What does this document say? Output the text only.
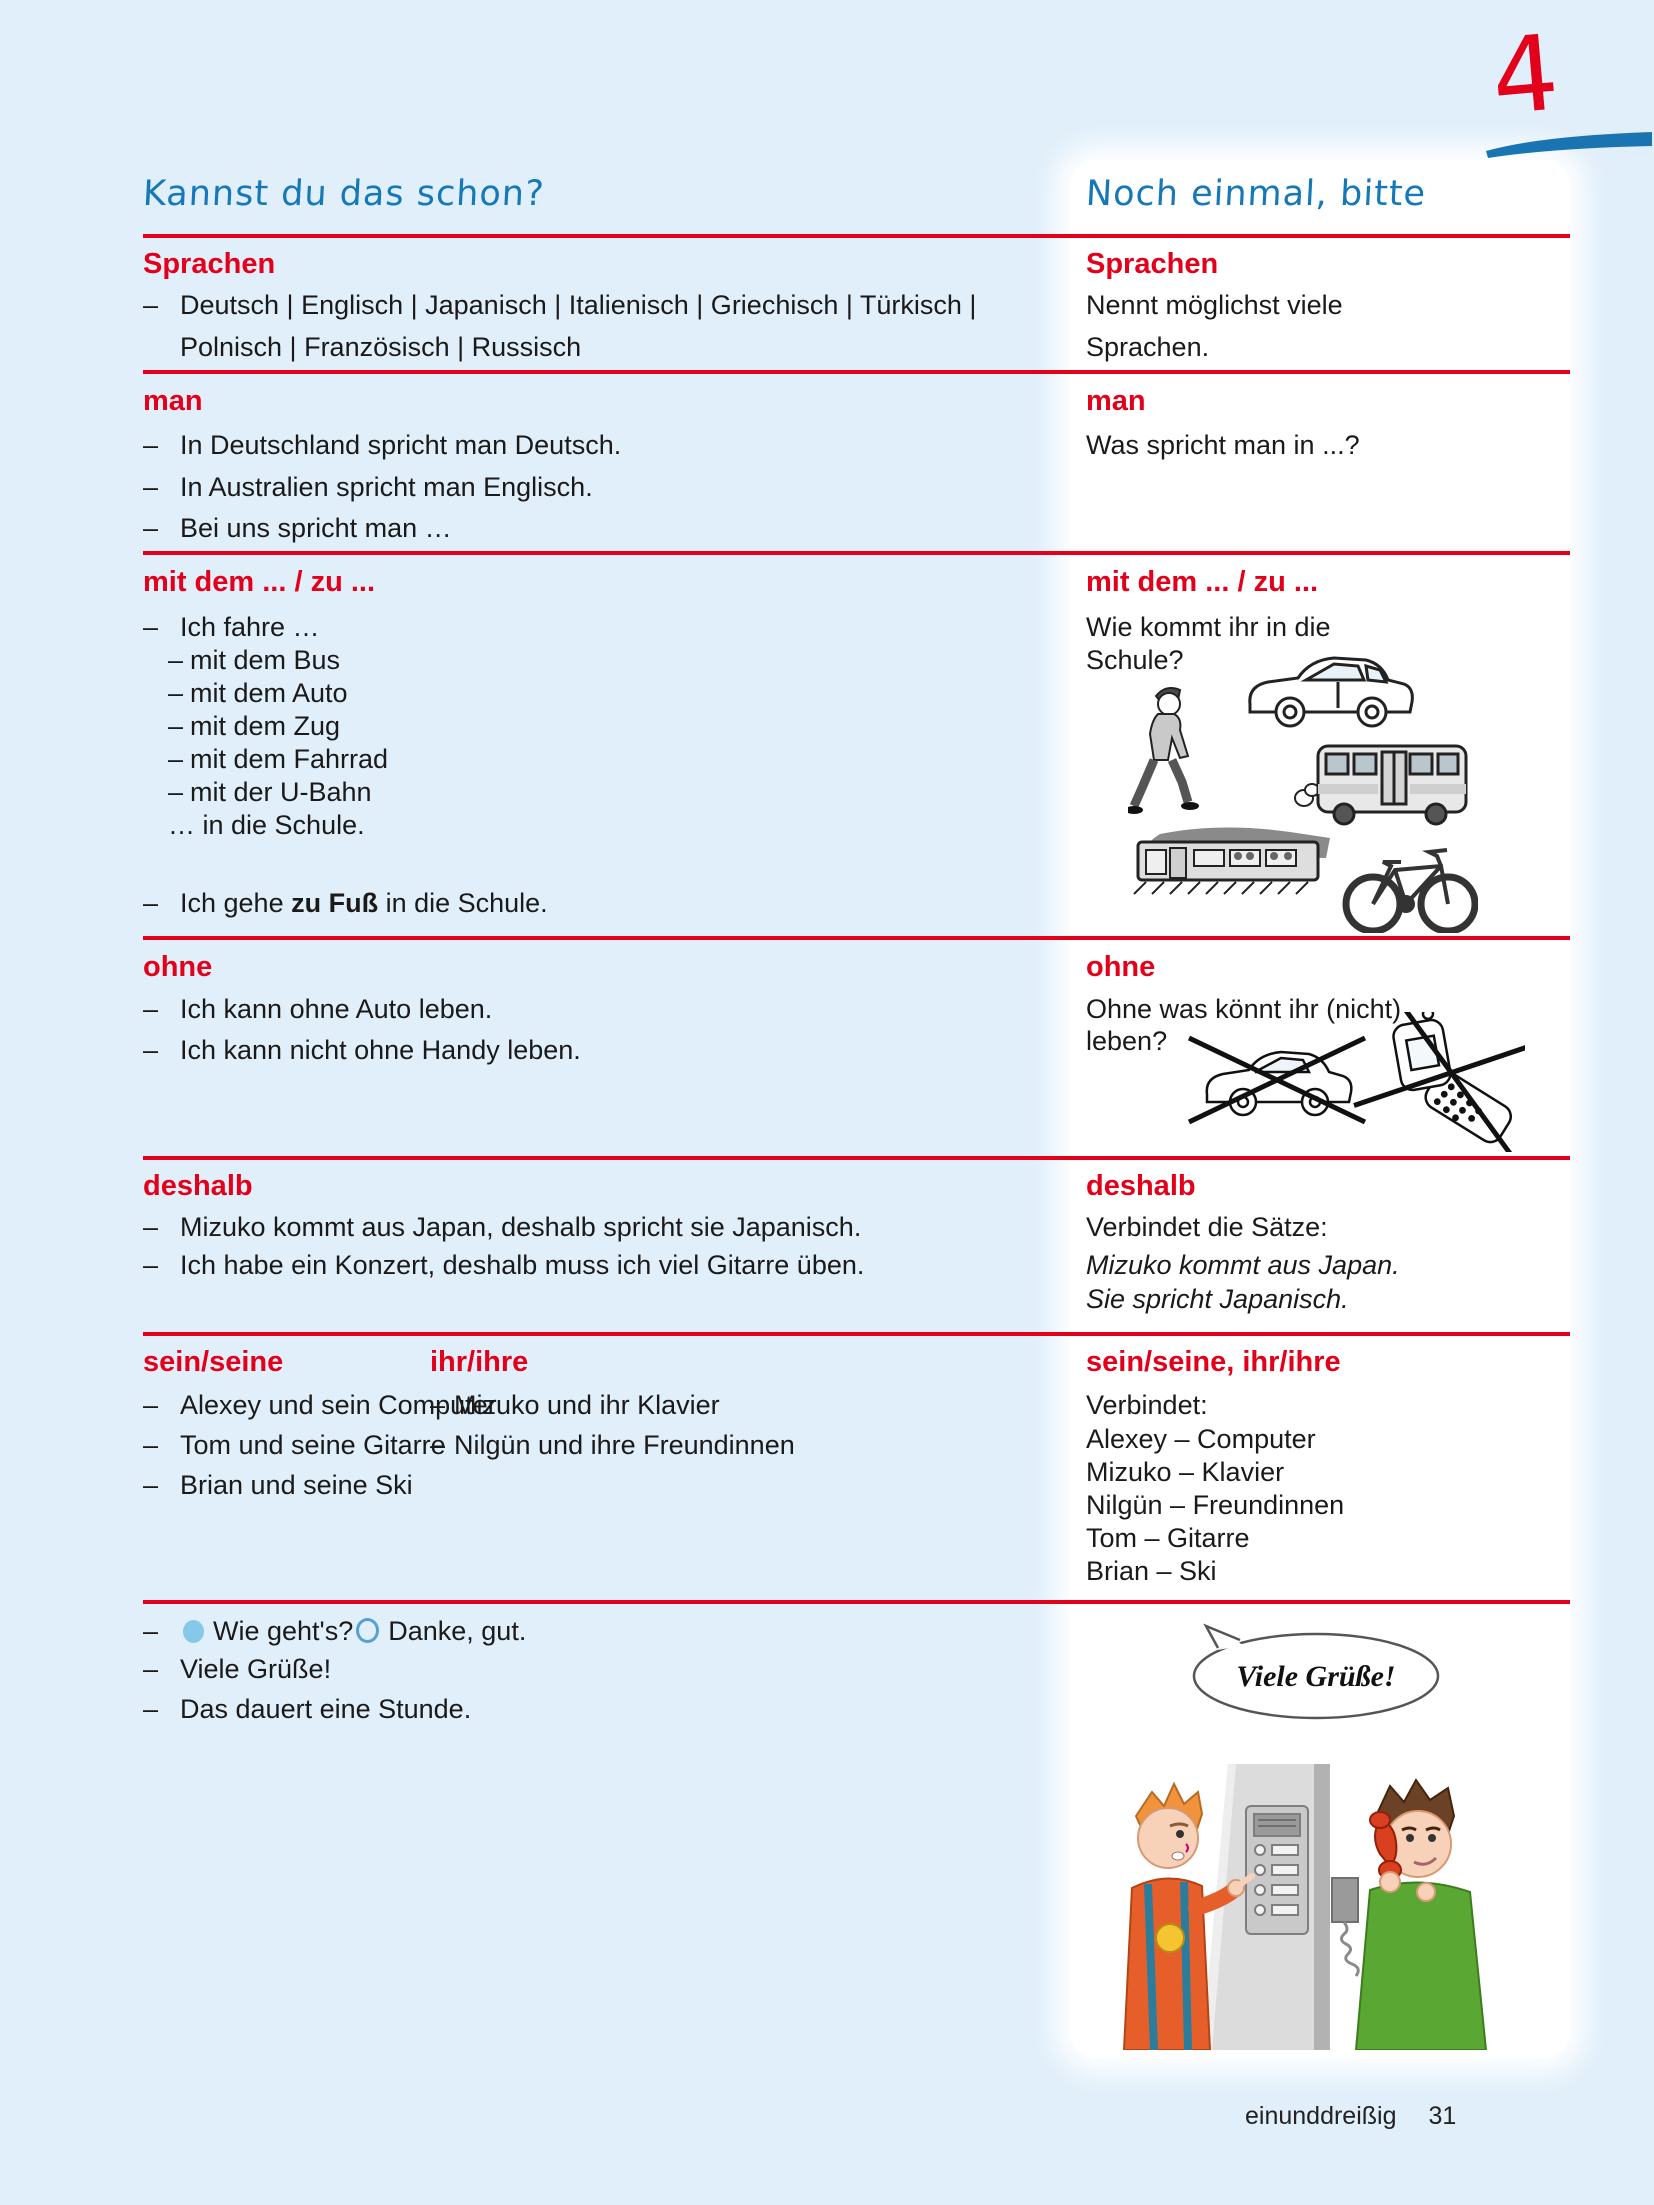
4
Kannst du das schon?	Noch einmal, bitte
Sprachen
– Deutsch | Englisch | Japanisch | Italienisch | Griechisch | Türkisch |
Polnisch | Französisch | Russisch
Sprachen
Nennt möglichst viele
Sprachen.
man
– In Deutschland spricht man Deutsch.
– In Australien spricht man Englisch.
– Bei uns spricht man …
man
Was spricht man in ...?
mit dem ... / zu ...
– Ich fahre …
– mit dem Bus
– mit dem Auto
– mit dem Zug
– mit dem Fahrrad
– mit der U-Bahn
… in die Schule.
– Ich gehe zu Fuß in die Schule.
mit dem ... / zu ...
Wie kommt ihr in die
Schule?
ohne
– Ich kann ohne Auto leben.
– Ich kann nicht ohne Handy leben.
ohne
Ohne was könnt ihr (nicht)
leben?
deshalb
– Mizuko kommt aus Japan, deshalb spricht sie Japanisch.
– Ich habe ein Konzert, deshalb muss ich viel Gitarre üben.
deshalb
Verbindet die Sätze:
Mizuko kommt aus Japan.
Sie spricht Japanisch.
sein/seine	ihr/ihre
– Alexey und sein Computer
– Tom und seine Gitarre
– Brian und seine Ski
– Mizuko und ihr Klavier
– Nilgün und ihre Freundinnen
sein/seine, ihr/ihre
Verbindet:
Alexey – Computer
Mizuko – Klavier
Nilgün – Freundinnen
Tom – Gitarre
Brian – Ski
– Wie geht's? Danke, gut.
– Viele Grüße!
– Das dauert eine Stunde.
Viele Grüße!
einunddreißig 31
